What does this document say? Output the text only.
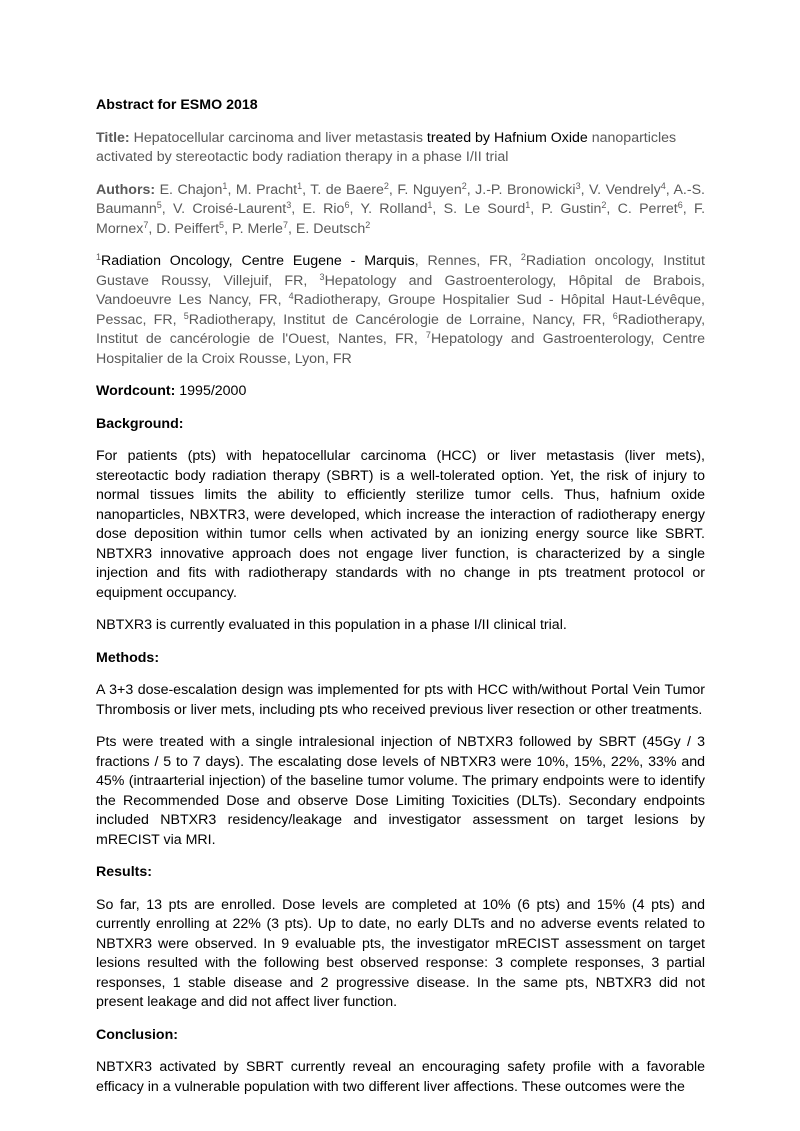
Abstract for ESMO 2018
Title: Hepatocellular carcinoma and liver metastasis treated by Hafnium Oxide nanoparticles activated by stereotactic body radiation therapy in a phase I/II trial
Authors: E. Chajon$^1$, M. Pracht$^1$, T. de Baere$^2$, F. Nguyen$^2$, J.-P. Bronowicki$^3$, V. Vendrely$^4$, A.-S. Baumann$^5$, V. Croisé-Laurent$^3$, E. Rio$^6$, Y. Rolland$^1$, S. Le Sourd$^1$, P. Gustin$^2$, C. Perret$^6$, F. Mornex$^7$, D. Peiffert$^5$, P. Merle$^7$, E. Deutsch$^2$
$^1$Radiation Oncology, Centre Eugene - Marquis, Rennes, FR, $^2$Radiation oncology, Institut Gustave Roussy, Villejuif, FR, $^3$Hepatology and Gastroenterology, Hôpital de Brabois, Vandoeuvre Les Nancy, FR, $^4$Radiotherapy, Groupe Hospitalier Sud - Hôpital Haut-Lévêque, Pessac, FR, $^5$Radiotherapy, Institut de Cancérologie de Lorraine, Nancy, FR, $^6$Radiotherapy, Institut de cancérologie de l'Ouest, Nantes, FR, $^7$Hepatology and Gastroenterology, Centre Hospitalier de la Croix Rousse, Lyon, FR
Wordcount: 1995/2000
Background:

For patients (pts) with hepatocellular carcinoma (HCC) or liver metastasis (liver mets), stereotactic body radiation therapy (SBRT) is a well-tolerated option. Yet, the risk of injury to normal tissues limits the ability to efficiently sterilize tumor cells. Thus, hafnium oxide nanoparticles, NBXTR3, were developed, which increase the interaction of radiotherapy energy dose deposition within tumor cells when activated by an ionizing energy source like SBRT. NBTXR3 innovative approach does not engage liver function, is characterized by a single injection and fits with radiotherapy standards with no change in pts treatment protocol or equipment occupancy.

NBTXR3 is currently evaluated in this population in a phase I/II clinical trial.

Methods:

A 3+3 dose-escalation design was implemented for pts with HCC with/without Portal Vein Tumor Thrombosis or liver mets, including pts who received previous liver resection or other treatments.

Pts were treated with a single intralesional injection of NBTXR3 followed by SBRT (45Gy / 3 fractions / 5 to 7 days). The escalating dose levels of NBTXR3 were 10%, 15%, 22%, 33% and 45% (intraarterial injection) of the baseline tumor volume. The primary endpoints were to identify the Recommended Dose and observe Dose Limiting Toxicities (DLTs). Secondary endpoints included NBTXR3 residency/leakage and investigator assessment on target lesions by mRECIST via MRI.

Results:

So far, 13 pts are enrolled. Dose levels are completed at 10% (6 pts) and 15% (4 pts) and currently enrolling at 22% (3 pts). Up to date, no early DLTs and no adverse events related to NBTXR3 were observed. In 9 evaluable pts, the investigator mRECIST assessment on target lesions resulted with the following best observed response: 3 complete responses, 3 partial responses, 1 stable disease and 2 progressive disease. In the same pts, NBTXR3 did not present leakage and did not affect liver function.

Conclusion:

NBTXR3 activated by SBRT currently reveal an encouraging safety profile with a favorable efficacy in a vulnerable population with two different liver affections. These outcomes were the
